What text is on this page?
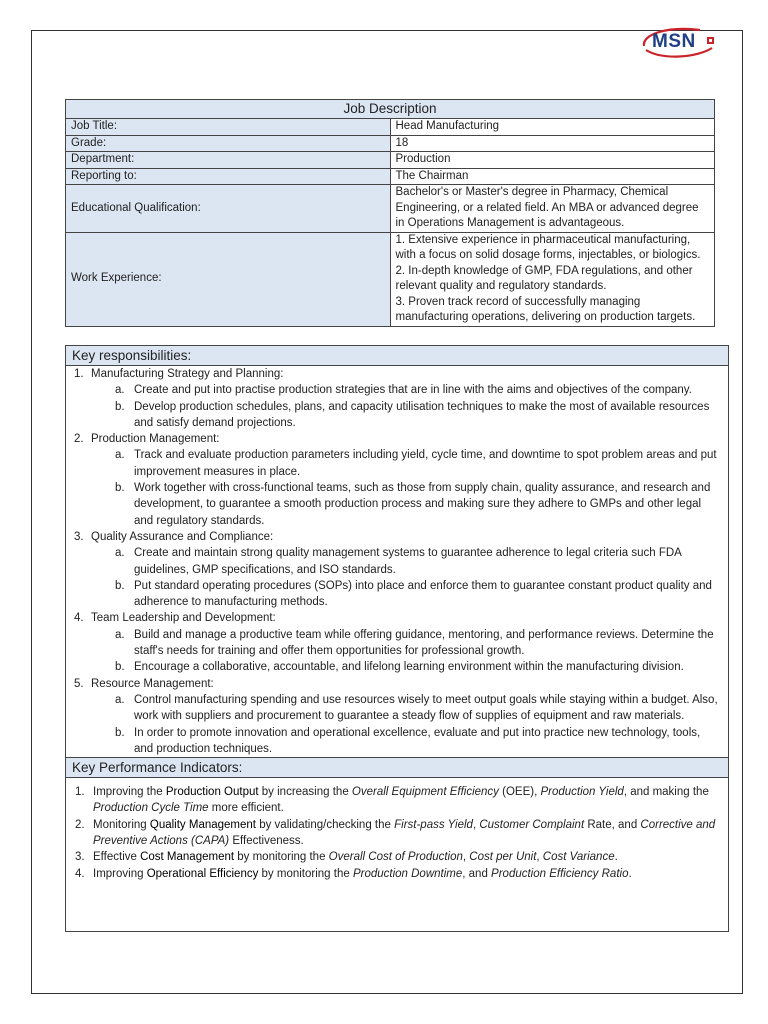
MSN
Job Description	
Job Title:	Head Manufacturing
Grade:	18
Department:	Production
Reporting to:	The Chairman
Educational Qualification:	Bachelor's or Master's degree in Pharmacy, Chemical Engineering, or a related field. An MBA or advanced degree in Operations Management is advantageous.
Work Experience:	1. Extensive experience in pharmaceutical manufacturing, with a focus on solid dosage forms, injectables, or biologics.
2. In-depth knowledge of GMP, FDA regulations, and other relevant quality and regulatory standards.
3. Proven track record of successfully managing manufacturing operations, delivering on production targets.
Key responsibilities:
1. Manufacturing Strategy and Planning:
a. Create and put into practise production strategies that are in line with the aims and objectives of the company.
b. Develop production schedules, plans, and capacity utilisation techniques to make the most of available resources and satisfy demand projections.
2. Production Management:
a. Track and evaluate production parameters including yield, cycle time, and downtime to spot problem areas and put improvement measures in place.
b. Work together with cross-functional teams, such as those from supply chain, quality assurance, and research and development, to guarantee a smooth production process and making sure they adhere to GMPs and other legal and regulatory standards.
3. Quality Assurance and Compliance:
a. Create and maintain strong quality management systems to guarantee adherence to legal criteria such FDA guidelines, GMP specifications, and ISO standards.
b. Put standard operating procedures (SOPs) into place and enforce them to guarantee constant product quality and adherence to manufacturing methods.
4. Team Leadership and Development:
a. Build and manage a productive team while offering guidance, mentoring, and performance reviews. Determine the staff's needs for training and offer them opportunities for professional growth.
b. Encourage a collaborative, accountable, and lifelong learning environment within the manufacturing division.
5. Resource Management:
a. Control manufacturing spending and use resources wisely to meet output goals while staying within a budget. Also, work with suppliers and procurement to guarantee a steady flow of supplies of equipment and raw materials.
b. In order to promote innovation and operational excellence, evaluate and put into practice new technology, tools, and production techniques.
Key Performance Indicators:
1. Improving the Production Output by increasing the Overall Equipment Efficiency (OEE), Production Yield, and making the Production Cycle Time more efficient.
2. Monitoring Quality Management by validating/checking the First-pass Yield, Customer Complaint Rate, and Corrective and Preventive Actions (CAPA) Effectiveness.
3. Effective Cost Management by monitoring the Overall Cost of Production, Cost per Unit, Cost Variance.
4. Improving Operational Efficiency by monitoring the Production Downtime, and Production Efficiency Ratio.
